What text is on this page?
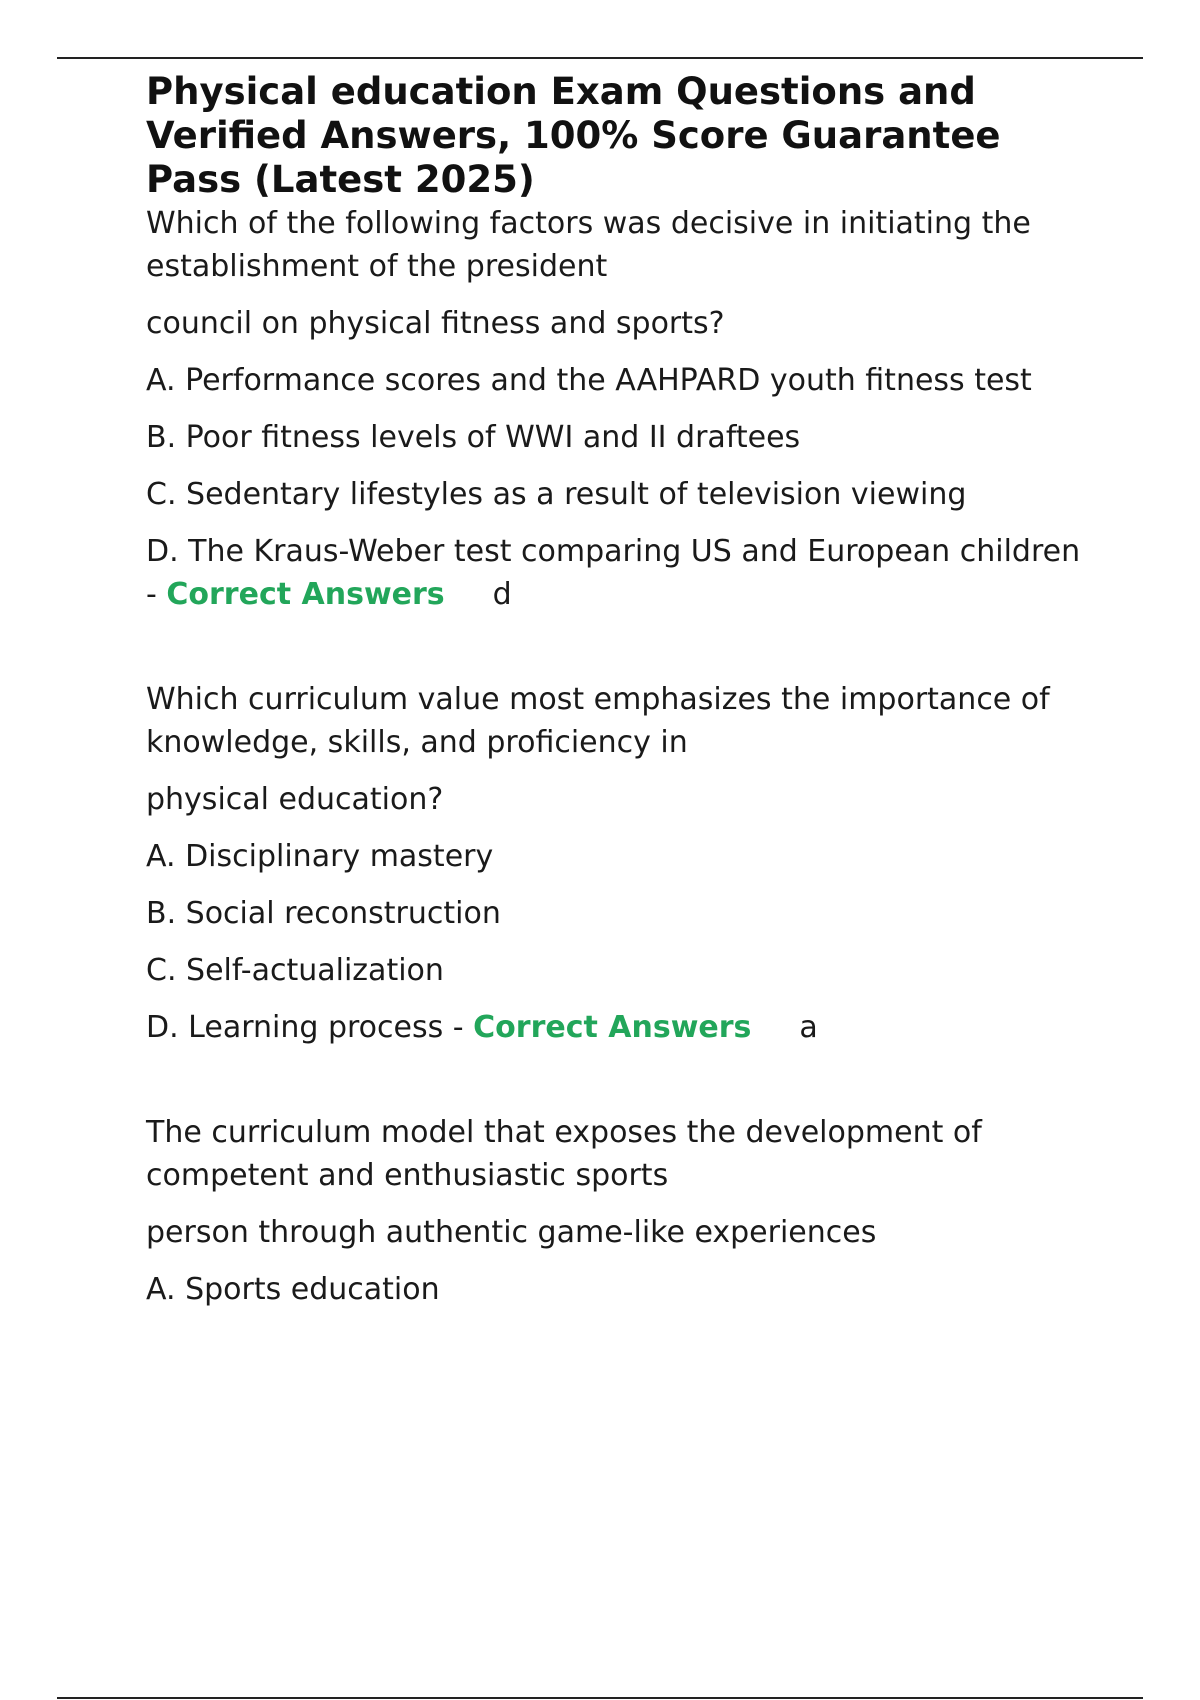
Physical education Exam Questions and Verified Answers, 100% Score Guarantee Pass (Latest 2025)

Which of the following factors was decisive in initiating the establishment of the president

council on physical fitness and sports?

A. Performance scores and the AAHPARD youth fitness test

B. Poor fitness levels of WWI and II draftees

C. Sedentary lifestyles as a result of television viewing

D. The Kraus-Weber test comparing US and European children - Correct Answers d

Which curriculum value most emphasizes the importance of knowledge, skills, and proficiency in

physical education?

A. Disciplinary mastery

B. Social reconstruction

C. Self-actualization

D. Learning process - Correct Answers a

The curriculum model that exposes the development of competent and enthusiastic sports

person through authentic game-like experiences

A. Sports education
